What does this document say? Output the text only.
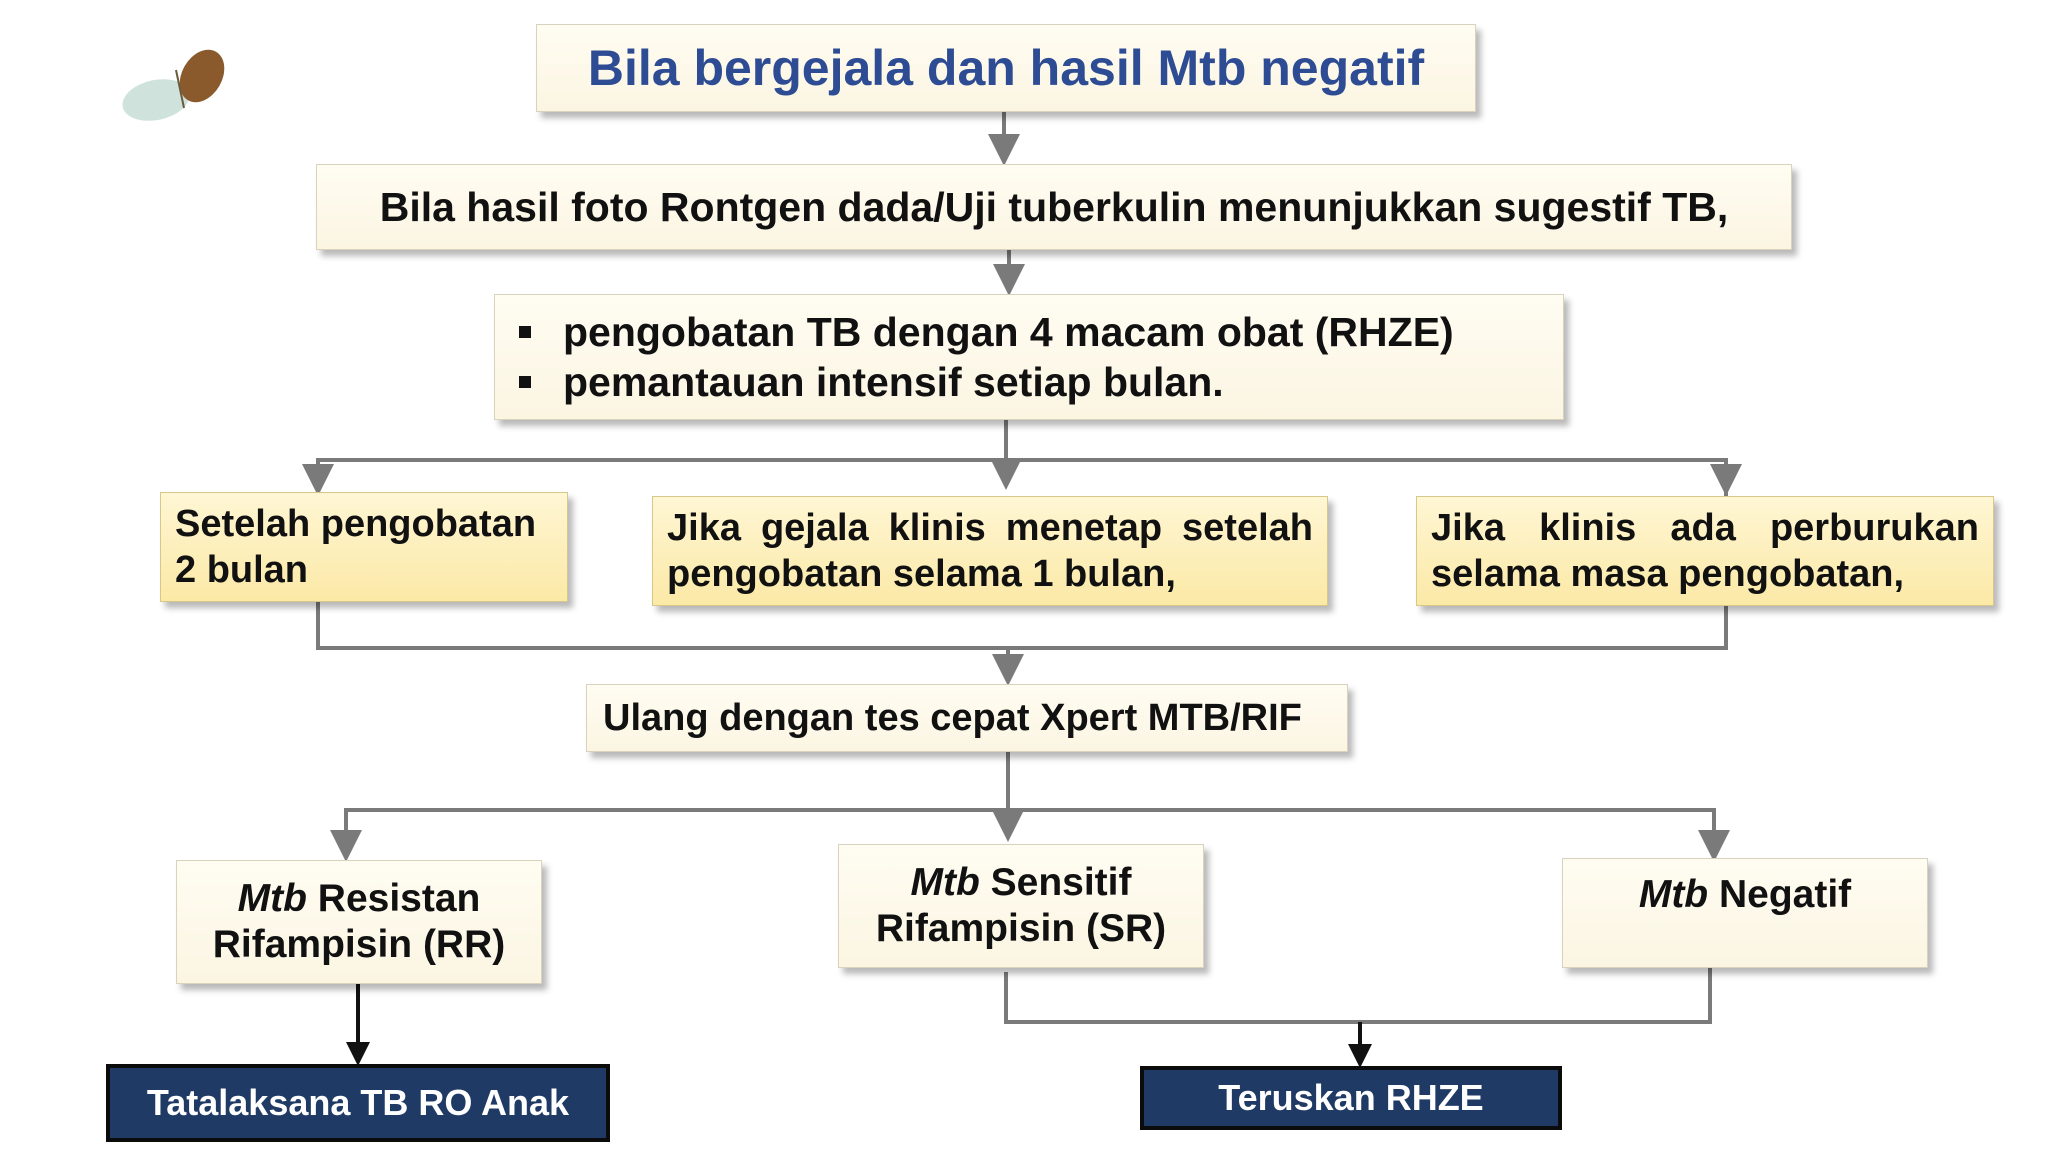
Bila bergejala dan hasil Mtb negatif
Bila hasil foto Rontgen dada/Uji tuberkulin menunjukkan sugestif TB,
pengobatan TB dengan 4 macam obat (RHZE)
pemantauan intensif setiap bulan.
Setelah pengobatan
2 bulan
Jika gejala klinis menetap setelah
pengobatan selama 1 bulan,
Jika klinis ada perburukan
selama masa pengobatan,
Ulang dengan tes cepat Xpert MTB/RIF
Mtb Resistan
Rifampisin (RR)
Mtb Sensitif
Rifampisin (SR)
Mtb Negatif
Tatalaksana TB RO Anak	Teruskan RHZE
